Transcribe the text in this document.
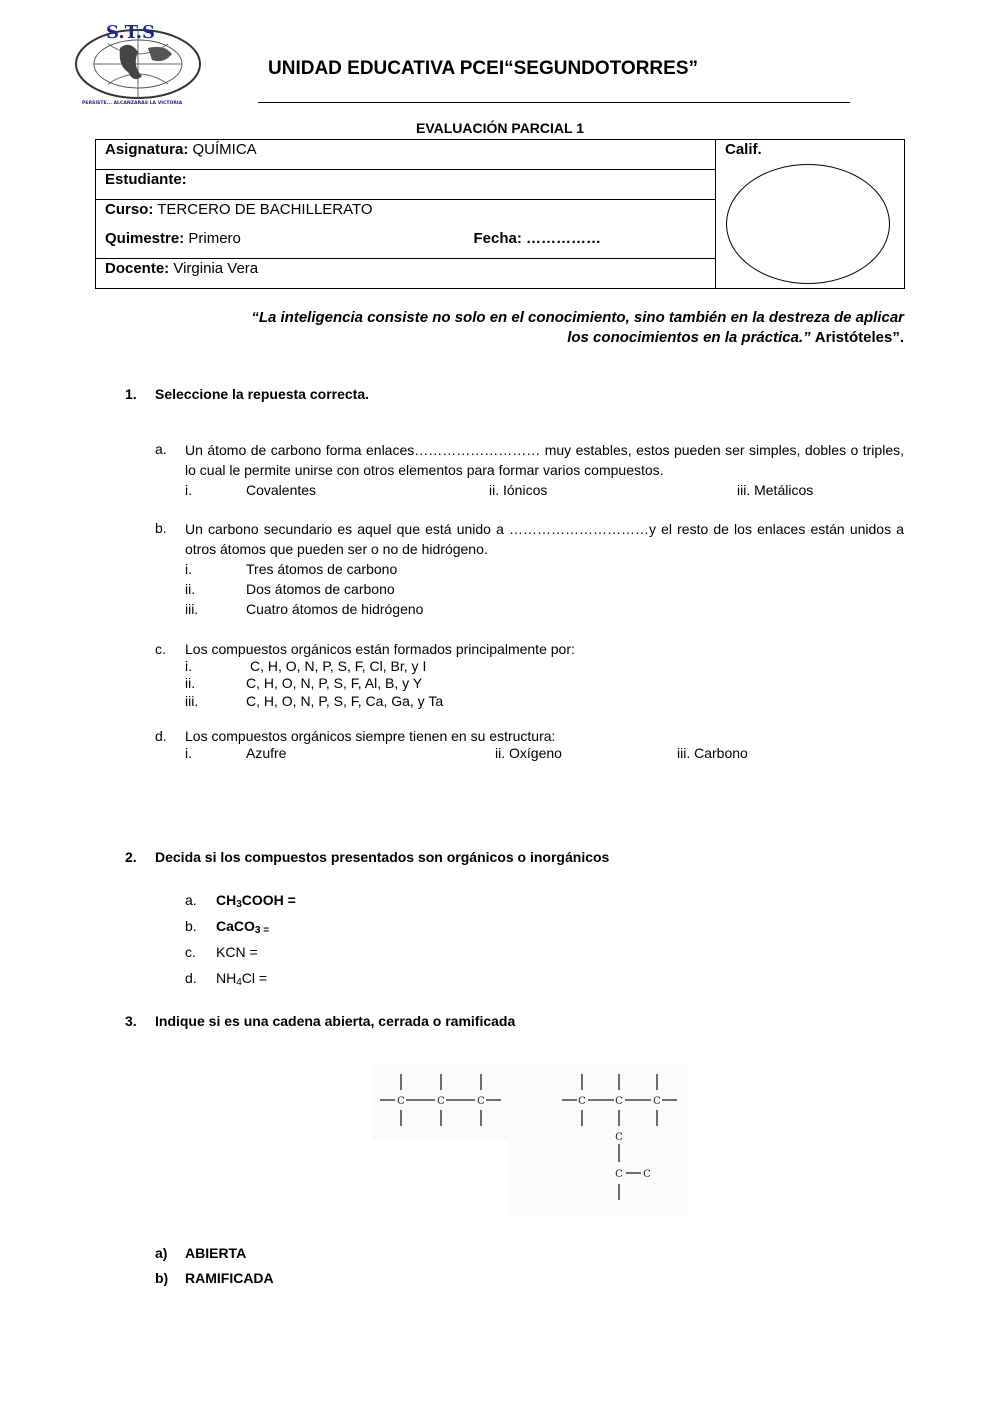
S.T.S
PERSISTE... ALCANZARAS LA VICTORIA
UNIDAD EDUCATIVA PCEI“SEGUNDOTORRES”
EVALUACIÓN PARCIAL 1
Asignatura: QUÍMICA	Calif.

Estudiante:
Curso: TERCERO DE BACHILLERATO
Quimestre: Primero	Fecha: ……………

Docente: Virginia Vera
“La inteligencia consiste no solo en el conocimiento, sino también en la destreza de aplicar
los conocimientos en la práctica.” Aristóteles”.
1. Seleccione la repuesta correcta.
a. Un átomo de carbono forma enlaces……………………… muy estables, estos pueden ser simples, dobles o triples, lo cual le permite unirse con otros elementos para formar varios compuestos.
i.	Covalentes	ii. Iónicos	iii. Metálicos
b. Un carbono secundario es aquel que está unido a …………………………y el resto de los enlaces están unidos a otros átomos que pueden ser o no de hidrógeno.
i.	Tres átomos de carbono
ii.	Dos átomos de carbono
iii.	Cuatro átomos de hidrógeno
c. Los compuestos orgánicos están formados principalmente por:
i.	C, H, O, N, P, S, F, Cl, Br, y I
ii.	C, H, O, N, P, S, F, Al, B, y Y
iii.	C, H, O, N, P, S, F, Ca, Ga, y Ta
d. Los compuestos orgánicos siempre tienen en su estructura:
i.	Azufre	ii. Oxígeno	iii. Carbono
2. Decida si los compuestos presentados son orgánicos o inorgánicos
a. $CH_3COOH$ =
b. CaCO$_{3 =}$
c. KCN =
d. $NH_4Cl$ =
3. Indique si es una cadena abierta, cerrada o ramificada
C	C	C	C	C	C
C
C C
a) ABIERTA
b) RAMIFICADA
